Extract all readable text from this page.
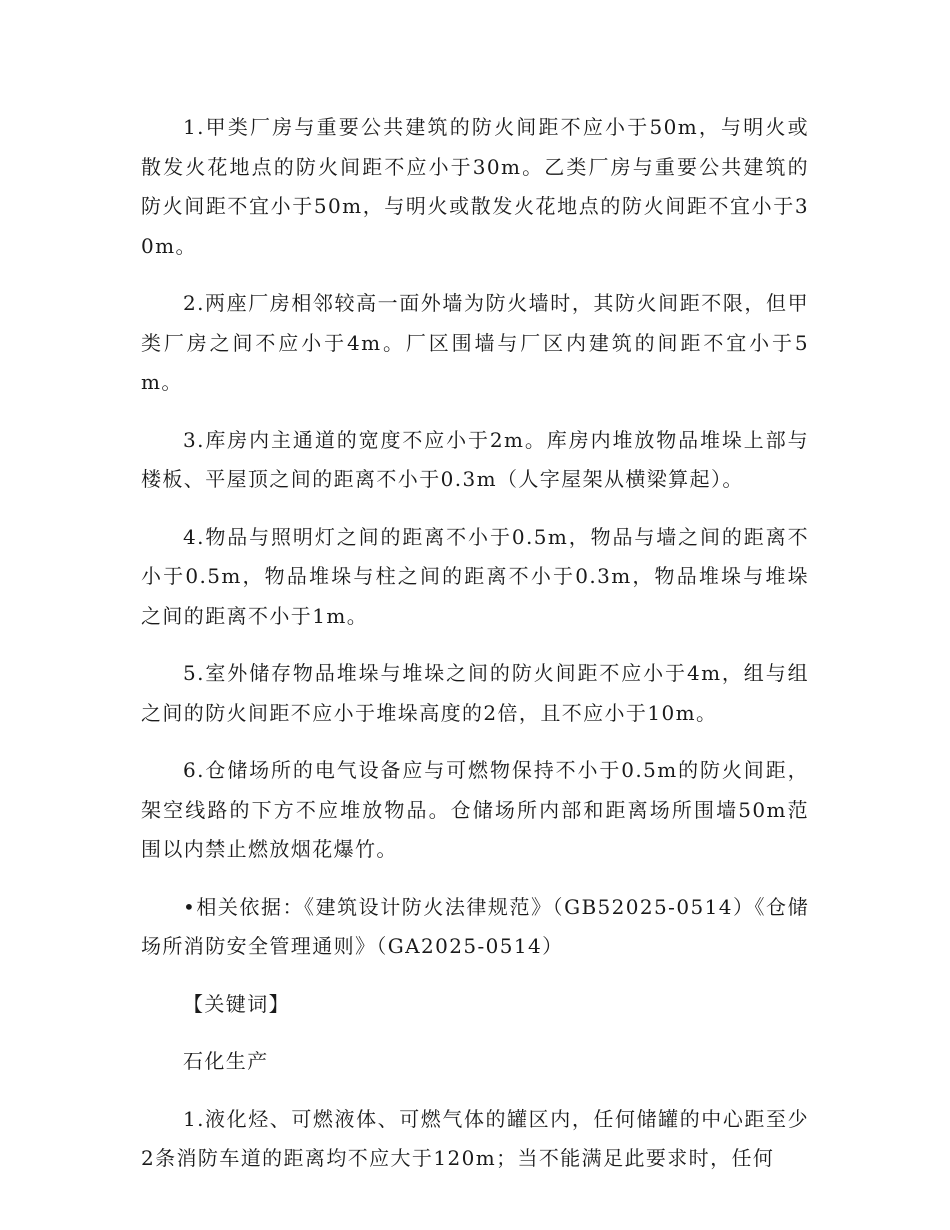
1.甲类厂房与重要公共建筑的防火间距不应小于50m，与明火或散发火花地点的防火间距不应小于30m。乙类厂房与重要公共建筑的防火间距不宜小于50m，与明火或散发火花地点的防火间距不宜小于30m。

2.两座厂房相邻较高一面外墙为防火墙时，其防火间距不限，但甲类厂房之间不应小于4m。厂区围墙与厂区内建筑的间距不宜小于5m。

3.库房内主通道的宽度不应小于2m。库房内堆放物品堆垛上部与楼板、平屋顶之间的距离不小于0.3m（人字屋架从横梁算起）。

4.物品与照明灯之间的距离不小于0.5m，物品与墙之间的距离不小于0.5m，物品堆垛与柱之间的距离不小于0.3m，物品堆垛与堆垛之间的距离不小于1m。

5.室外储存物品堆垛与堆垛之间的防火间距不应小于4m，组与组之间的防火间距不应小于堆垛高度的2倍，且不应小于10m。

6.仓储场所的电气设备应与可燃物保持不小于0.5m的防火间距，架空线路的下方不应堆放物品。仓储场所内部和距离场所围墙50m范围以内禁止燃放烟花爆竹。

•相关依据：《建筑设计防火法律规范》（GB52025-0514）《仓储场所消防安全管理通则》（GA2025-0514）

【关键词】

石化生产

1.液化烃、可燃液体、可燃气体的罐区内，任何储罐的中心距至少2条消防车道的距离均不应大于120m；当不能满足此要求时，任何
